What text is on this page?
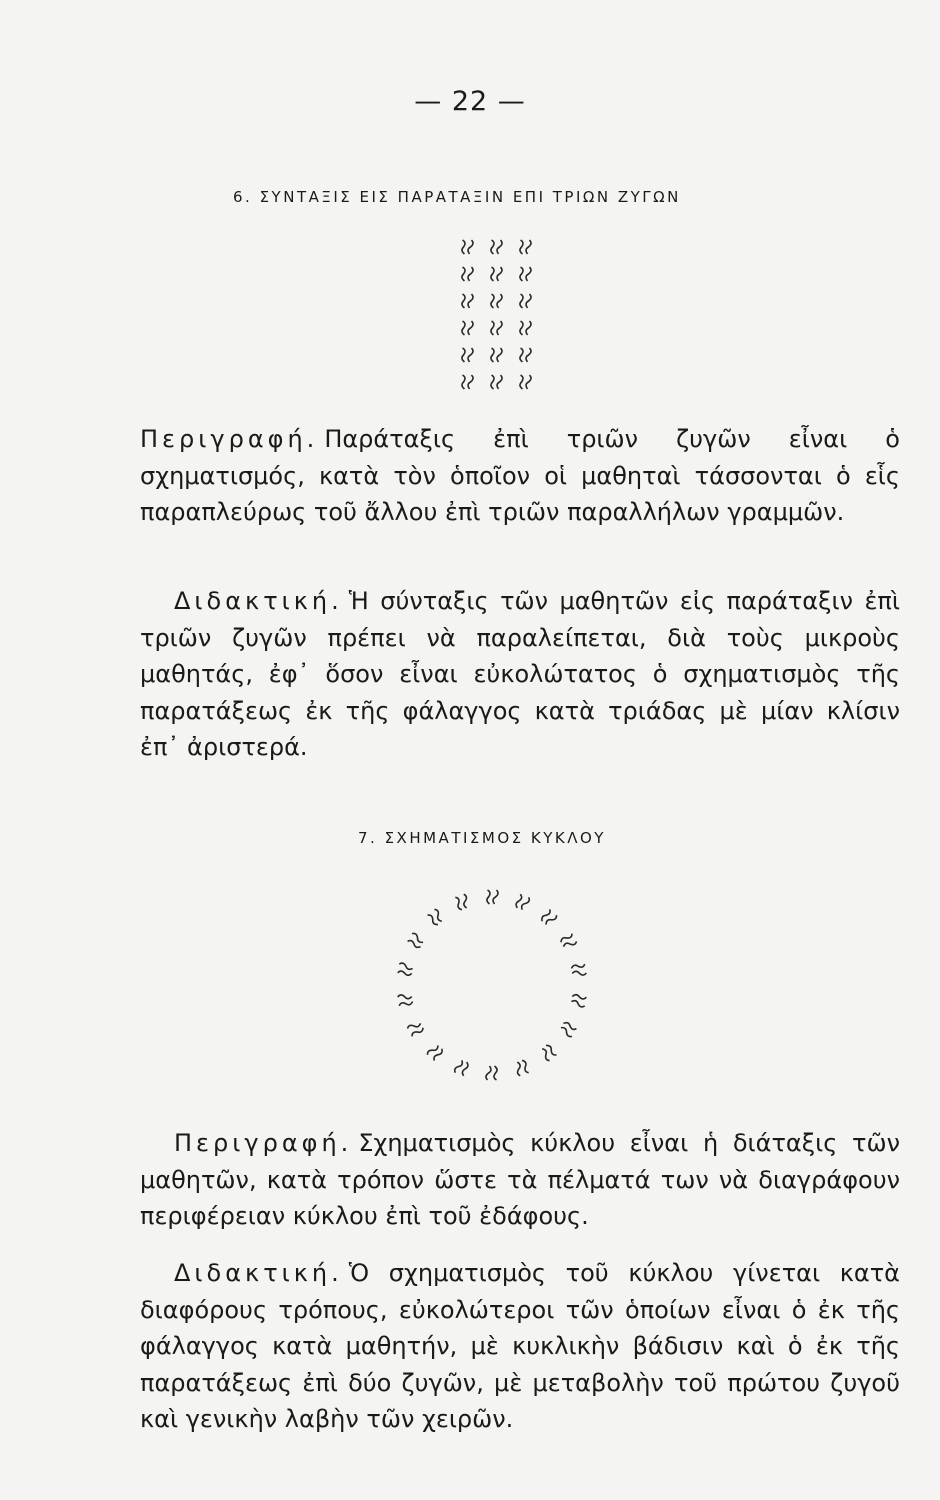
— 22 —
6. ΣΥΝΤΑΞΙΣ ΕΙΣ ΠΑΡΑΤΑΞΙΝ ΕΠΙ ΤΡΙΩΝ ΖΥΓΩΝ

Περιγραφή. Παράταξις ἐπὶ τριῶν ζυγῶν εἶναι ὁ σχηματισμός, κατὰ τὸν ὁποῖον οἱ μαθηταὶ τάσσονται ὁ εἷς παραπλεύρως τοῦ ἄλλου ἐπὶ τριῶν παραλλήλων γραμμῶν.

Διδακτική. Ἡ σύνταξις τῶν μαθητῶν εἰς παράταξιν ἐπὶ τριῶν ζυγῶν πρέπει νὰ παραλείπεται, διὰ τοὺς μικροὺς μαθητάς, ἐφ᾽ ὅσον εἶναι εὐκολώτατος ὁ σχηματισμὸς τῆς παρατάξεως ἐκ τῆς φάλαγγος κατὰ τριάδας μὲ μίαν κλίσιν ἐπ᾽ ἀριστερά.

7. ΣΧΗΜΑΤΙΣΜΟΣ ΚΥΚΛΟΥ

Περιγραφή. Σχηματισμὸς κύκλου εἶναι ἡ διάταξις τῶν μαθητῶν, κατὰ τρόπον ὥστε τὰ πέλματά των νὰ διαγράφουν περιφέρειαν κύκλου ἐπὶ τοῦ ἐδάφους.

Διδακτική. Ὁ σχηματισμὸς τοῦ κύκλου γίνεται κατὰ διαφόρους τρόπους, εὐκολώτεροι τῶν ὁποίων εἶναι ὁ ἐκ τῆς φάλαγγος κατὰ μαθητήν, μὲ κυκλικὴν βάδισιν καὶ ὁ ἐκ τῆς παρατάξεως ἐπὶ δύο ζυγῶν, μὲ μεταβολὴν τοῦ πρώτου ζυγοῦ καὶ γενικὴν λαβὴν τῶν χειρῶν.
